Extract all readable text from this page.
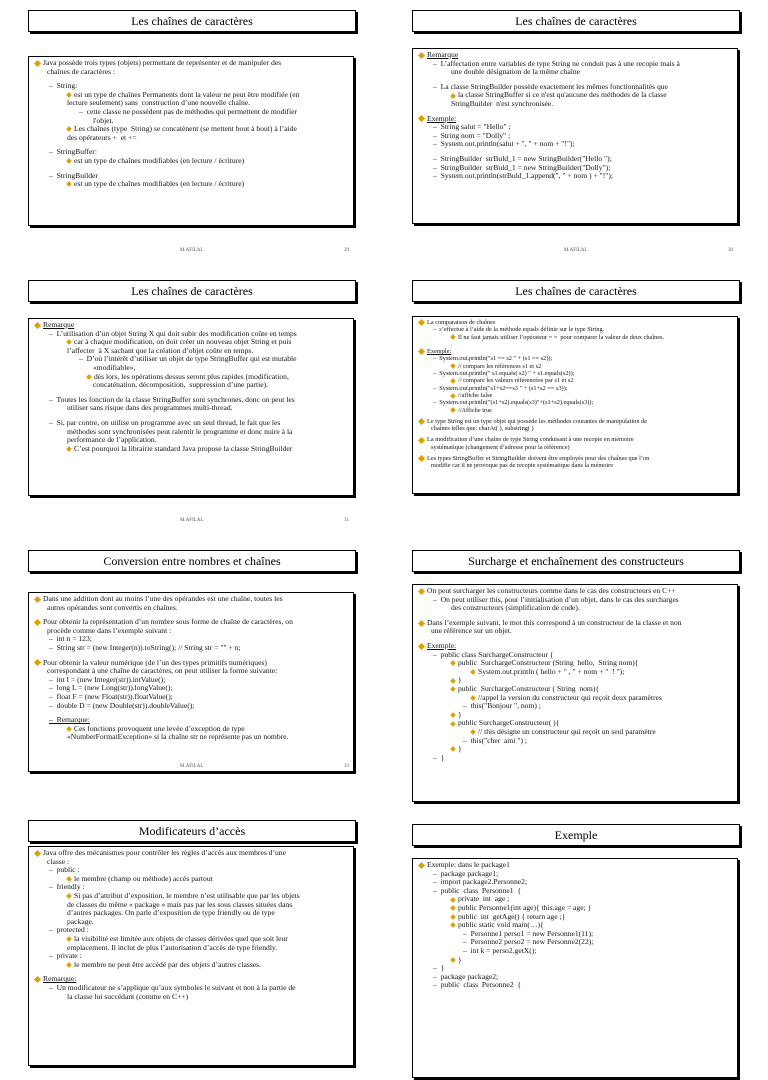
Les chaînes de caractères
Java possède trois types (objets) permettant de représenter et de manipuler des
chaînes de caractères :
–  String:
est un type de chaînes Permanents dont la valeur ne peut être modifiée (en
lecture seulement) sans  construction d’une nouvelle chaîne.
–  cette classe ne possèdent pas de méthodes qui permettent de modifier
l'objet.
Les chaînes (type  String) se concatènent (se mettent bout à bout) à l’aide
des opérateurs +  et +=
–  StringBuffer:
est un type de chaînes modifiables (en lecture / écriture)
–  StringBuilder
est un type de chaînes modifiables (en lecture / écriture)
M.AFILAL	29
Les chaînes de caractères
Remarque
–  L’affectation entre variables de type String ne conduit pas à une recopie mais à
une double désignation de la même chaîne
–  La classe StringBuilder possède exactement les mêmes fonctionnalités que
la classe StringBuffer si ce n'est qu'aucune des méthodes de la classe
StringBuilder  n'est synchronisée.
Exemple:
–  String salut = "Hello" ;
–  String nom = "Dolly" ;
–  System.out.println(salut + ", " + nom + "!");
–  StringBuilder  strBuld_1 = new StringBuilder("Hello ");
–  StringBuilder  strBuld_1 = new StringBuilder("Dolly");
–  System.out.println(strBuld_1.append(", " + nom ) + "!");
M.AFILAL	30
Les chaînes de caractères
Remarque
–  L’utilisation d’un objet String X qui doit subir des modification coûte en temps
car à chaque modification, on doit créer un nouveau objet String et puis
l’affecter  à X sachant que la création d’objet coûte en temps.
–  D’où l’intérêt d’utiliser un objet de type StringBuffer qui est mutable
«modifiable»,
dès lors, les opérations dessus seront plus rapides (modification,
concaténation, décomposition,  suppression d’une partie).
–  Toutes les fonction de la classe StringBuffer sont synchrones, donc on peut les
utiliser sans risque dans des programmes multi-thread.
–  Si, par contre, on utilise un programme avec un seul thread, le fait que les
méthodes sont synchronisées peut ralentir le programme et donc nuire à la
performance de l’application.
C’est pourquoi la librairie standard Java propose la classe StringBuilder
M.AFILAL	31
Les chaînes de caractères
La comparaison de chaînes
–  s’effectue à l’aide de la méthode equals définie sur le type String.
Il ne faut jamais utiliser l’opérateur = =  pour comparer la valeur de deux chaînes.
.
Exemple:
–  System.out.println("s1 == s2 " + (s1 == s2));
// compare les références s1 et s2
–  System.out.println(" s1.equals( s2) " + s1.equals(s2));
// compare les valeurs référencées par s1 et s2
–  System.out.println("s1+s2==s3 " + (s1+s2 == s3));
//affiche false
–  System.out.println("(s1+s2).equals(s3)"+(s1+s2).equals(s3));
//Affiche true
Le type String est un type objet qui possède les méthodes courantes de manipulation de
chaînes telles que: charAt( ), substring( )
La modification d’une chaîne de type String conduisant à une recopie en mémoire
systématique (changement d’adresse pour la référence)
Les types StringBuffer et StringBuilder doivent être employés pour des chaînes que l’on
modifie car il ne provoque pas de recopie systématique dans la mémoire
Conversion entre nombres et chaînes
Dans une addition dont au moins l’une des opérandes est une chaîne, toutes les
autres opérandes sont convertis en chaînes.
Pour obtenir la représentation d’un nombre sous forme de chaîne de caractères, on
procède comme dans l’exemple suivant :
–  int n = 123;
–  String str = (new Integer(n)).toString(); // String str = "" + n;
Pour obtenir la valeur numérique (de l’un des types primitifs numériques)
correspondant à une chaîne de caractères, on peut utiliser la forme suivante:
–  int I = (new Integer(str)).intValue();
–  long L = (new Long(str)).longValue();
–  float F = (new Float(str)).floatValue();
–  double D = (new Double(str)).doubleValue();
–  Remarque:
Ces fonctions provoquent une levée d’exception de type
«NumberFormatException» si la chaîne str ne représente pas un nombre.
M.AFILAL	33
Surcharge et enchaînement des constructeurs
On peut surcharger les constructeurs comme dans le cas des constructeurs en C++
–  On peut utiliser this, pour l’initialisation d’un objet, dans le cas des surcharges
des constructeurs (simplification de code).
Dans l’exemple suivant, le mot this correspond à un constructeur de la classe et non
une référence sur un objet.
Exemple:
–  public class SurchargeConstructeur {
public  SurchargeConstructeur (String  hello,  String nom){
System.out.println ( hello + " , " + nom + "  ! ");
}
public  SurchargeConstructeur ( String  nom){
//appel la version du constructeur qui reçoit deux paramètres
–  this("Bonjour ", nom) ;
}
public SurchargeConstructeur( ){
// this désigne un constructeur qui reçoit un seul paramètre
–  this("cher  ami ") ;
}
–  }
Modificateurs d’accès
Java offre des mécanismes pour contrôler les règles d’accès aux membres d’une
classe :
–  public :
le membre (champ ou méthode) accès partout
–  friendly :
Si pas d’attribut d’exposition, le membre n’est utilisable que par les objets
de classes du même « package » mais pas par les sous classes situées dans
d’autres packages. On parle d’exposition de type friendly ou de type
package.
–  protected :
la visibilité est limitée aux objets de classes dérivées quel que soit leur
emplacement. Il inclut de plus l’autorisation d’accès de type friendly.
–  private :
le membre ne peut être accédé par des objets d’autres classes.
Remarque:
–  Un modificateur ne s’applique qu’aux symboles le suivant et non à la partie de
la classe lui succédant (comme en C++)
Exemple
Exemple: dans le package1
–  package package1;
–  import package2.Personne2;
–  public  class  Personne1  {
private  int  age ;
public Personne1(int age){ this.age = age; }
public  int  getAge() { return age ;}
public static void main(…){
–  Personne1 perso1 = new Personne1(11);
–  Personne2 perso2 = new Personne2(22);
–  int k = perso2.getX();
}
–  }
–  package package2;
–  public  class  Personne2  {
